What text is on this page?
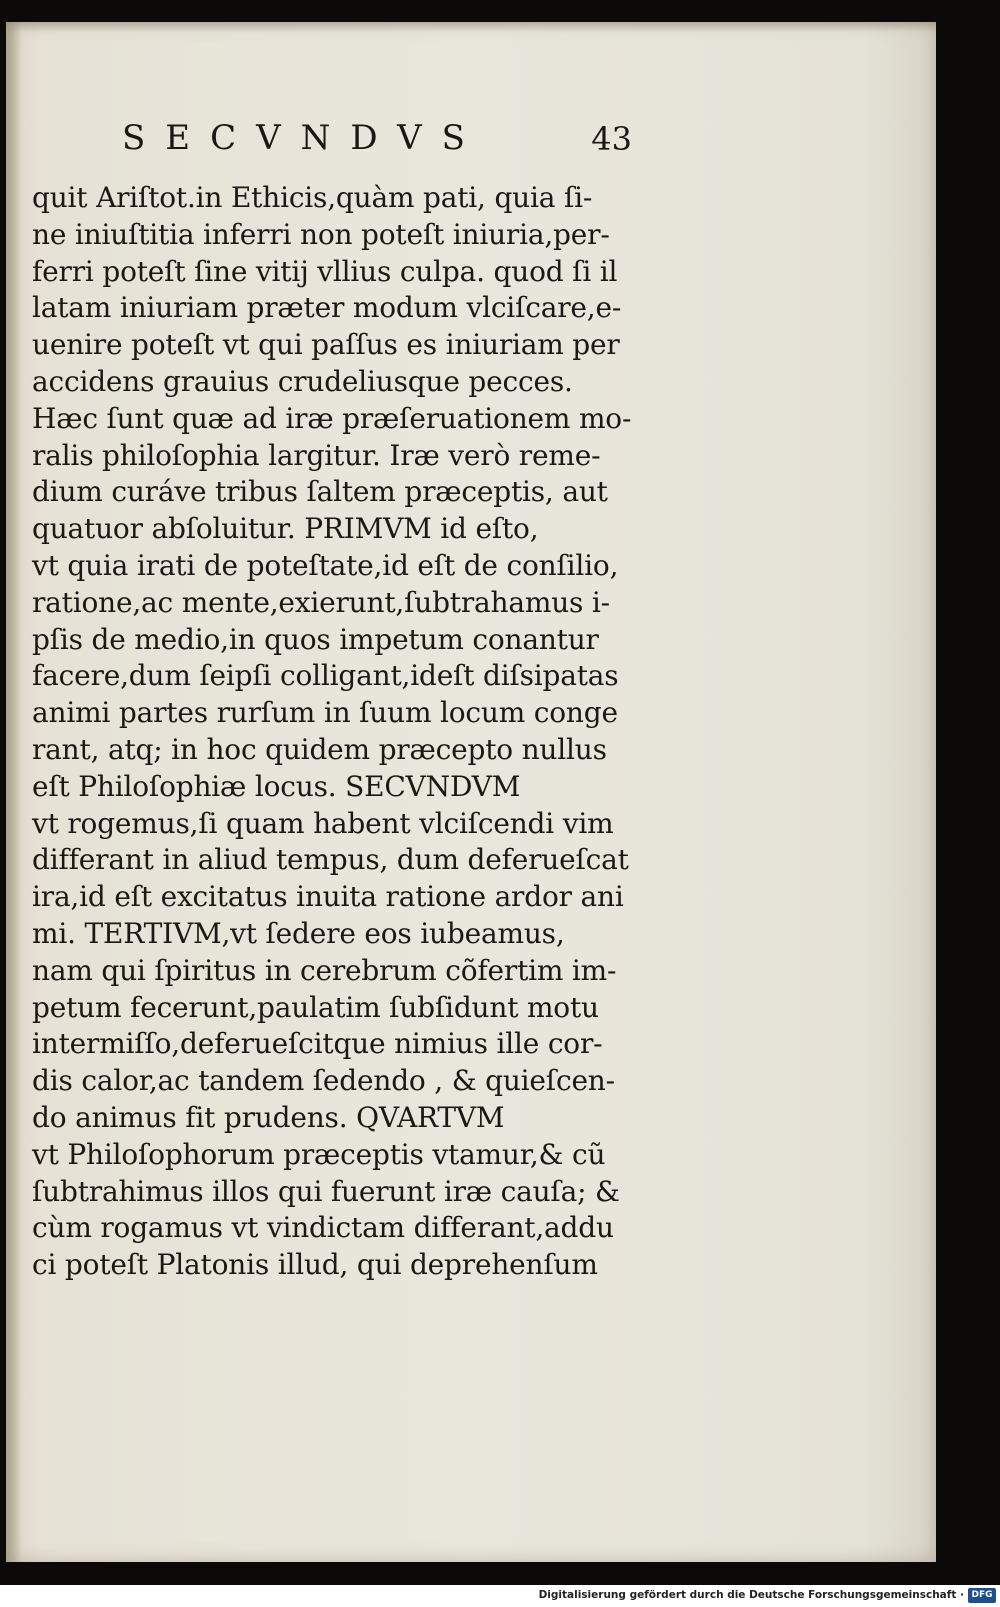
SECVNDVS	43
quit Ariſtot.in Ethicis,quàm pati, quia ſi-
ne iniuſtitia inferri non poteſt iniuria,per-
ferri poteſt ſine vitij vllius culpa. quod ſi il
latam iniuriam præter modum vlciſcare,e-
uenire poteſt vt qui paſſus es iniuriam per
accidens grauius crudeliusque pecces.
Hæc ſunt quæ ad iræ præſeruationem mo-
ralis philoſophia largitur. Iræ verò reme-
dium curáve tribus ſaltem præceptis, aut
quatuor abſoluitur. PRIMVM id eſto,
vt quia irati de poteſtate,id eſt de conſilio,
ratione,ac mente,exierunt,ſubtrahamus i-
pſis de medio,in quos impetum conantur
facere,dum ſeipſi colligant,ideſt diſsipatas
animi partes rurſum in ſuum locum conge
rant, atq; in hoc quidem præcepto nullus
eſt Philoſophiæ locus. SECVNDVM
vt rogemus,ſi quam habent vlciſcendi vim
differant in aliud tempus, dum deferueſcat
ira,id eſt excitatus inuita ratione ardor ani
mi. TERTIVM,vt ſedere eos iubeamus,
nam qui ſpiritus in cerebrum cõfertim im-
petum fecerunt,paulatim ſubſidunt motu
intermiſſo,deferueſcitque nimius ille cor-
dis calor,ac tandem ſedendo , & quieſcen-
do animus fit prudens. QVARTVM
vt Philoſophorum præceptis vtamur,& cũ
ſubtrahimus illos qui fuerunt iræ cauſa; &
cùm rogamus vt vindictam differant,addu
ci poteſt Platonis illud, qui deprehenſum
Digitalisierung gefördert durch die Deutsche Forschungsgemeinschaft · DFG
